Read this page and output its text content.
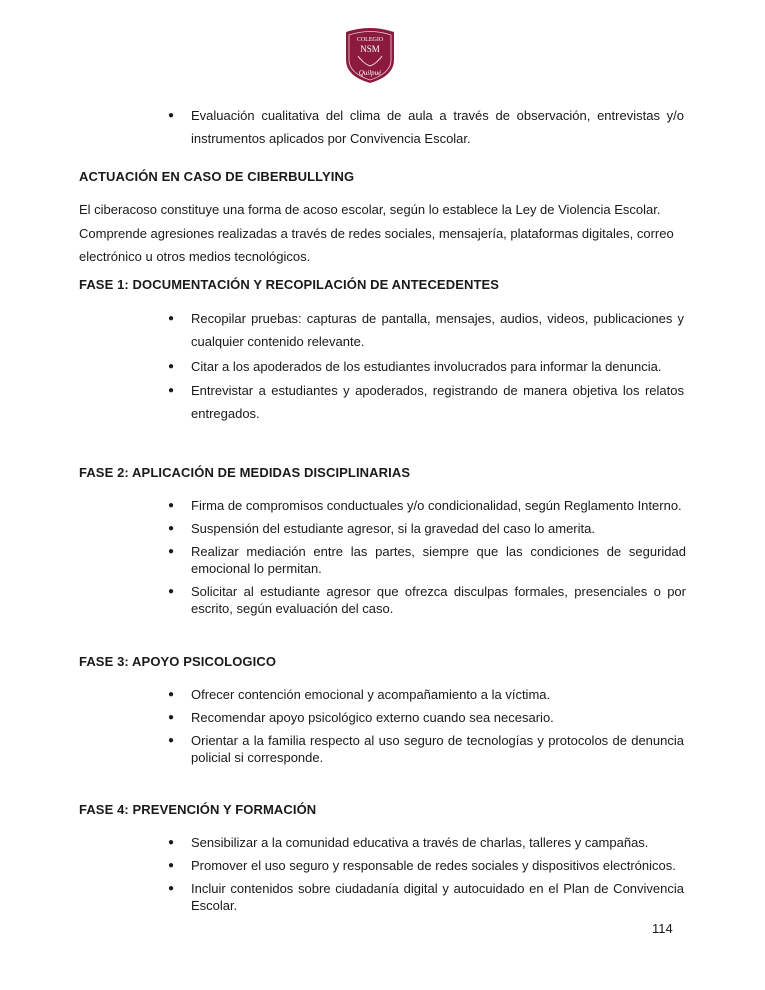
COLEGIO
NSM
Quilpué
● Evaluación cualitativa del clima de aula a través de observación, entrevistas y/o instrumentos aplicados por Convivencia Escolar.
ACTUACIÓN EN CASO DE CIBERBULLYING
El ciberacoso constituye una forma de acoso escolar, según lo establece la Ley de Violencia Escolar.
Comprende agresiones realizadas a través de redes sociales, mensajería, plataformas digitales, correo
electrónico u otros medios tecnológicos.
FASE 1: DOCUMENTACIÓN Y RECOPILACIÓN DE ANTECEDENTES
● Recopilar pruebas: capturas de pantalla, mensajes, audios, videos, publicaciones y cualquier contenido relevante.
● Citar a los apoderados de los estudiantes involucrados para informar la denuncia.
● Entrevistar a estudiantes y apoderados, registrando de manera objetiva los relatos entregados.
FASE 2: APLICACIÓN DE MEDIDAS DISCIPLINARIAS
● Firma de compromisos conductuales y/o condicionalidad, según Reglamento Interno.
● Suspensión del estudiante agresor, si la gravedad del caso lo amerita.
● Realizar mediación entre las partes, siempre que las condiciones de seguridad emocional lo permitan.
● Solicitar al estudiante agresor que ofrezca disculpas formales, presenciales o por escrito, según evaluación del caso.
FASE 3: APOYO PSICOLOGICO
● Ofrecer contención emocional y acompañamiento a la víctima.
● Recomendar apoyo psicológico externo cuando sea necesario.
● Orientar a la familia respecto al uso seguro de tecnologías y protocolos de denuncia policial si corresponde.
FASE 4: PREVENCIÓN Y FORMACIÓN
● Sensibilizar a la comunidad educativa a través de charlas, talleres y campañas.
● Promover el uso seguro y responsable de redes sociales y dispositivos electrónicos.
● Incluir contenidos sobre ciudadanía digital y autocuidado en el Plan de Convivencia Escolar.
114
